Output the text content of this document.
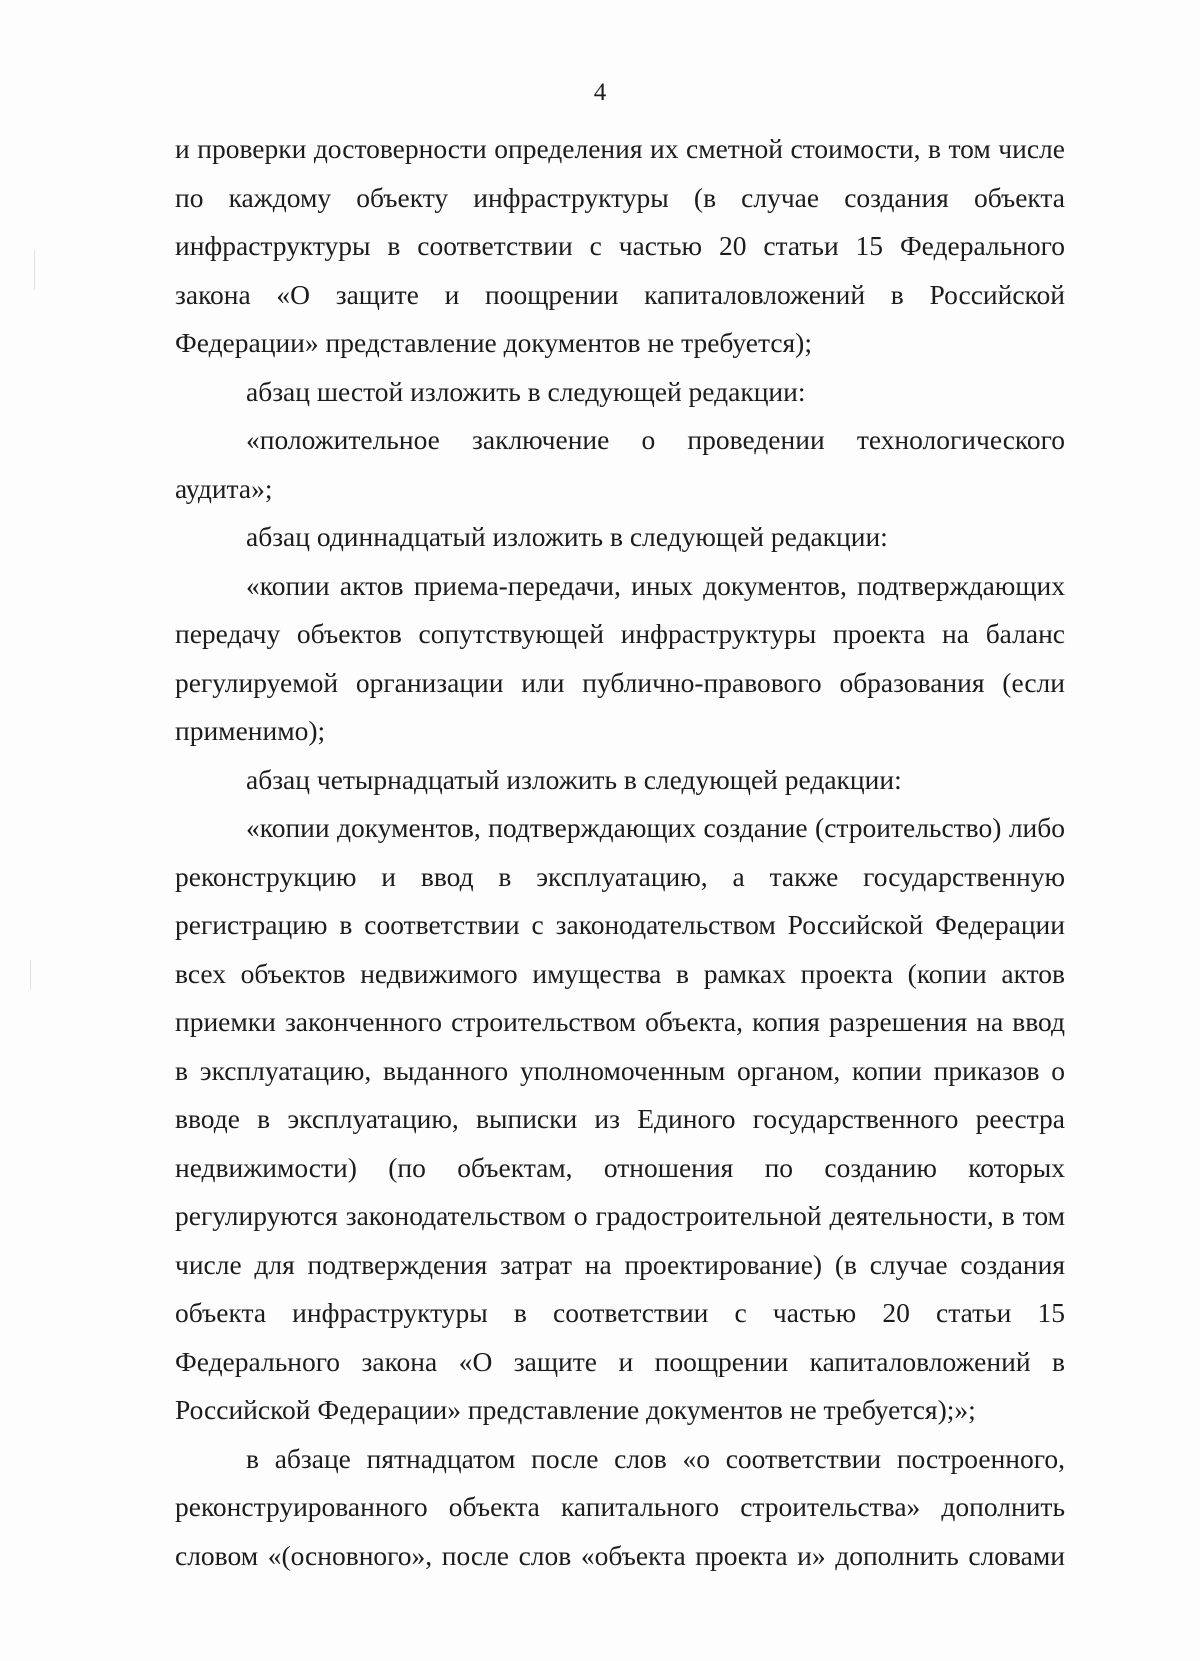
4

и проверки достоверности определения их сметной стоимости, в том числе по каждому объекту инфраструктуры (в случае создания объекта инфраструктуры в соответствии с частью 20 статьи 15 Федерального закона «О защите и поощрении капиталовложений в Российской Федерации» представление документов не требуется);

абзац шестой изложить в следующей редакции:

«положительное заключение о проведении технологического аудита»;

абзац одиннадцатый изложить в следующей редакции:

«копии актов приема-передачи, иных документов, подтверждающих передачу объектов сопутствующей инфраструктуры проекта на баланс регулируемой организации или публично-правового образования (если применимо);

абзац четырнадцатый изложить в следующей редакции:

«копии документов, подтверждающих создание (строительство) либо реконструкцию и ввод в эксплуатацию, а также государственную регистрацию в соответствии с законодательством Российской Федерации всех объектов недвижимого имущества в рамках проекта (копии актов приемки законченного строительством объекта, копия разрешения на ввод в эксплуатацию, выданного уполномоченным органом, копии приказов о вводе в эксплуатацию, выписки из Единого государственного реестра недвижимости) (по объектам, отношения по созданию которых регулируются законодательством о градостроительной деятельности, в том числе для подтверждения затрат на проектирование) (в случае создания объекта инфраструктуры в соответствии с частью 20 статьи 15 Федерального закона «О защите и поощрении капиталовложений в Российской Федерации» представление документов не требуется);»;

в абзаце пятнадцатом после слов «о соответствии построенного, реконструированного объекта капитального строительства» дополнить словом «(основного», после слов «объекта проекта и» дополнить словами
